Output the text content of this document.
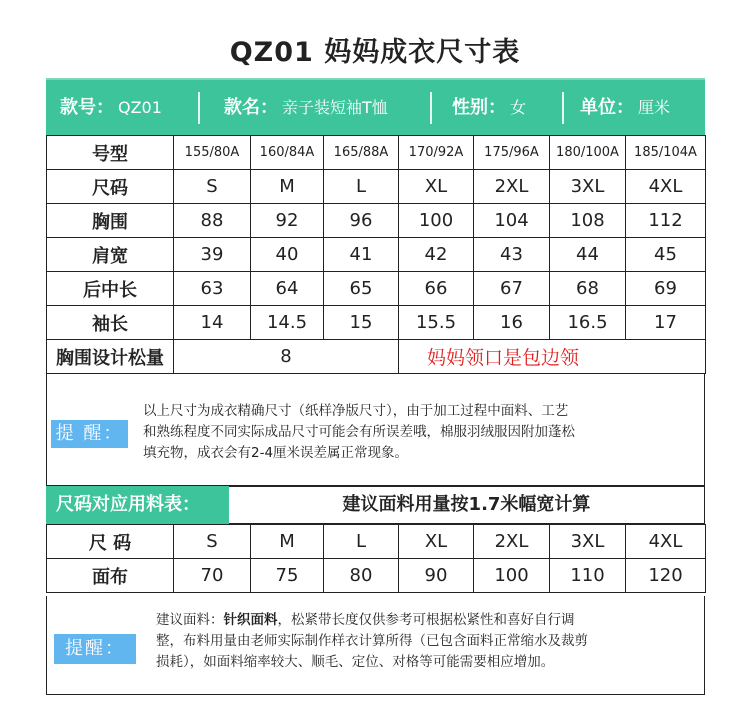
QZ01 妈妈成衣尺寸表
款号： QZ01	款名： 亲子装短袖T恤	性别： 女	单位： 厘米
号型	155/80A	160/84A	165/88A	170/92A	175/96A	180/100A	185/104A
尺码	S	M	L	XL	2XL	3XL	4XL
胸围	88	92	96	100	104	108	112
肩宽	39	40	41	42	43	44	45
后中长	63	64	65	66	67	68	69
袖长	14	14.5	15	15.5	16	16.5	17
胸围设计松量	8			妈妈领口是包边领			
提 醒：
以上尺寸为成衣精确尺寸（纸样净版尺寸），由于加工过程中面料、工艺
和熟练程度不同实际成品尺寸可能会有所误差哦，棉服羽绒服因附加蓬松
填充物，成衣会有2-4厘米误差属正常现象。
尺码对应用料表：	建议面料用量按1.7米幅宽计算
尺 码	S	M	L	XL	2XL	3XL	4XL
面布	70	75	80	90	100	110	120
提醒：
建议面料：针织面料，松紧带长度仅供参考可根据松紧性和喜好自行调
整，布料用量由老师实际制作样衣计算所得（已包含面料正常缩水及裁剪
损耗），如面料缩率较大、顺毛、定位、对格等可能需要相应增加。
